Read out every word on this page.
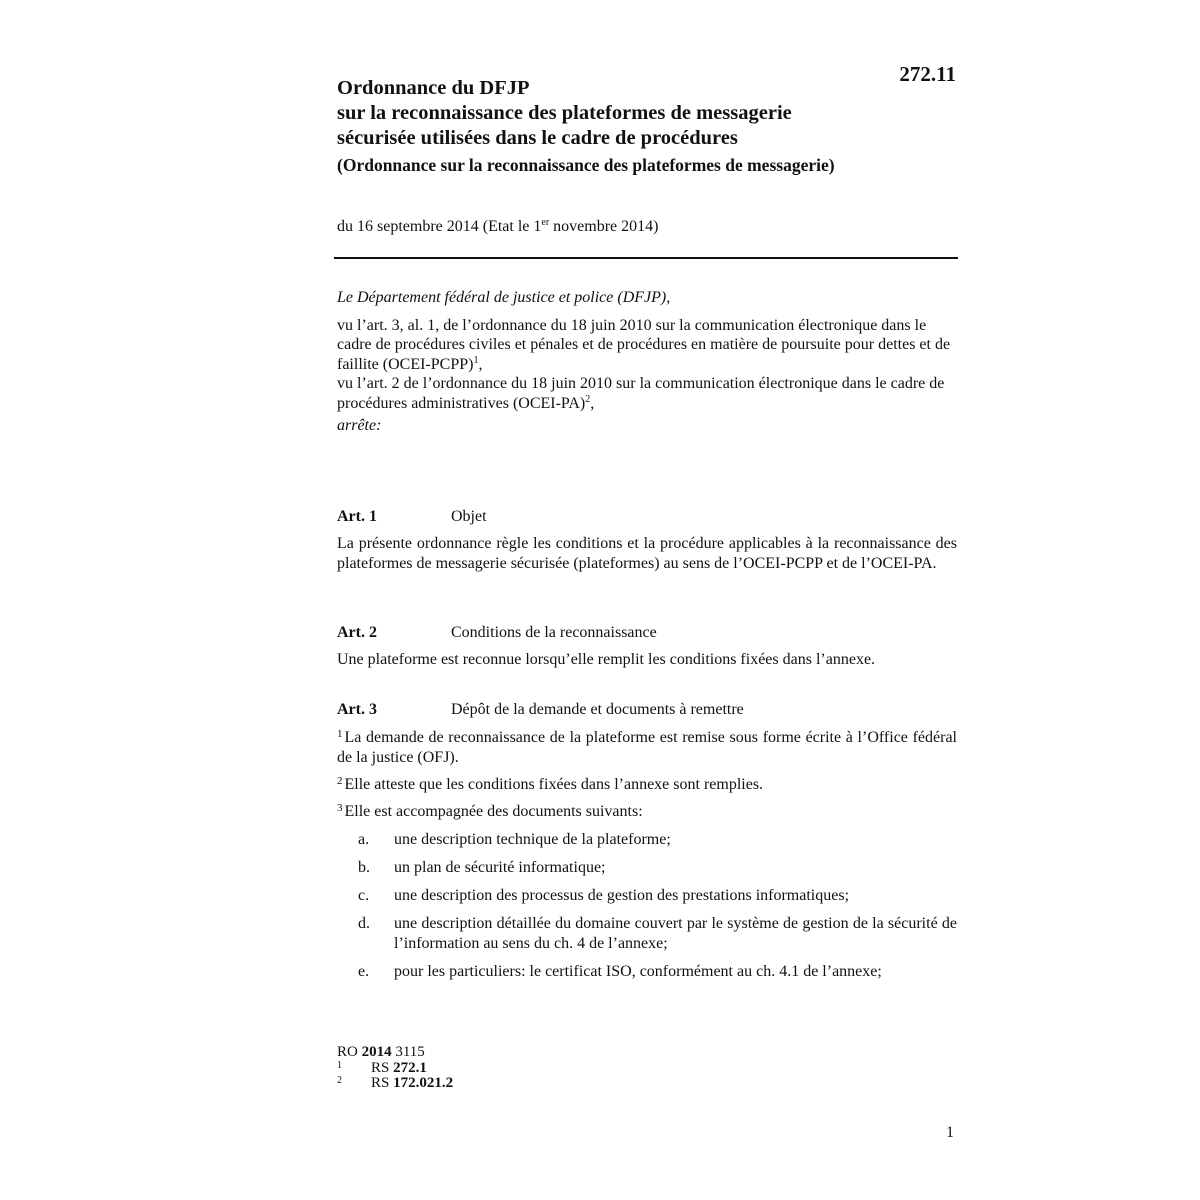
272.11
Ordonnance du DFJP
sur la reconnaissance des plateformes de messagerie
sécurisée utilisées dans le cadre de procédures
(Ordonnance sur la reconnaissance des plateformes de messagerie)
du 16 septembre 2014 (Etat le 1er novembre 2014)
Le Département fédéral de justice et police (DFJP),
vu l’art. 3, al. 1, de l’ordonnance du 18 juin 2010 sur la communication électronique dans le cadre de procédures civiles et pénales et de procédures en matière de poursuite pour dettes et de faillite (OCEI-PCPP)$^1$,
vu l’art. 2 de l’ordonnance du 18 juin 2010 sur la communication électronique dans le cadre de procédures administratives (OCEI-PA)$^2$,
arrête:
Art. 1	Objet
La présente ordonnance règle les conditions et la procédure applicables à la reconnaissance des plateformes de messagerie sécurisée (plateformes) au sens de l’OCEI-PCPP et de l’OCEI-PA.
Art. 2	Conditions de la reconnaissance
Une plateforme est reconnue lorsqu’elle remplit les conditions fixées dans l’annexe.
Art. 3	Dépôt de la demande et documents à remettre
$^1$ La demande de reconnaissance de la plateforme est remise sous forme écrite à l’Office fédéral de la justice (OFJ).
$^2$ Elle atteste que les conditions fixées dans l’annexe sont remplies.
$^3$ Elle est accompagnée des documents suivants:
a. une description technique de la plateforme;
b. un plan de sécurité informatique;
c. une description des processus de gestion des prestations informatiques;
d. une description détaillée du domaine couvert par le système de gestion de la sécurité de l’information au sens du ch. 4 de l’annexe;
e. pour les particuliers: le certificat ISO, conformément au ch. 4.1 de l’annexe;
RO 2014 3115
1 RS 272.1
2 RS 172.021.2
1
